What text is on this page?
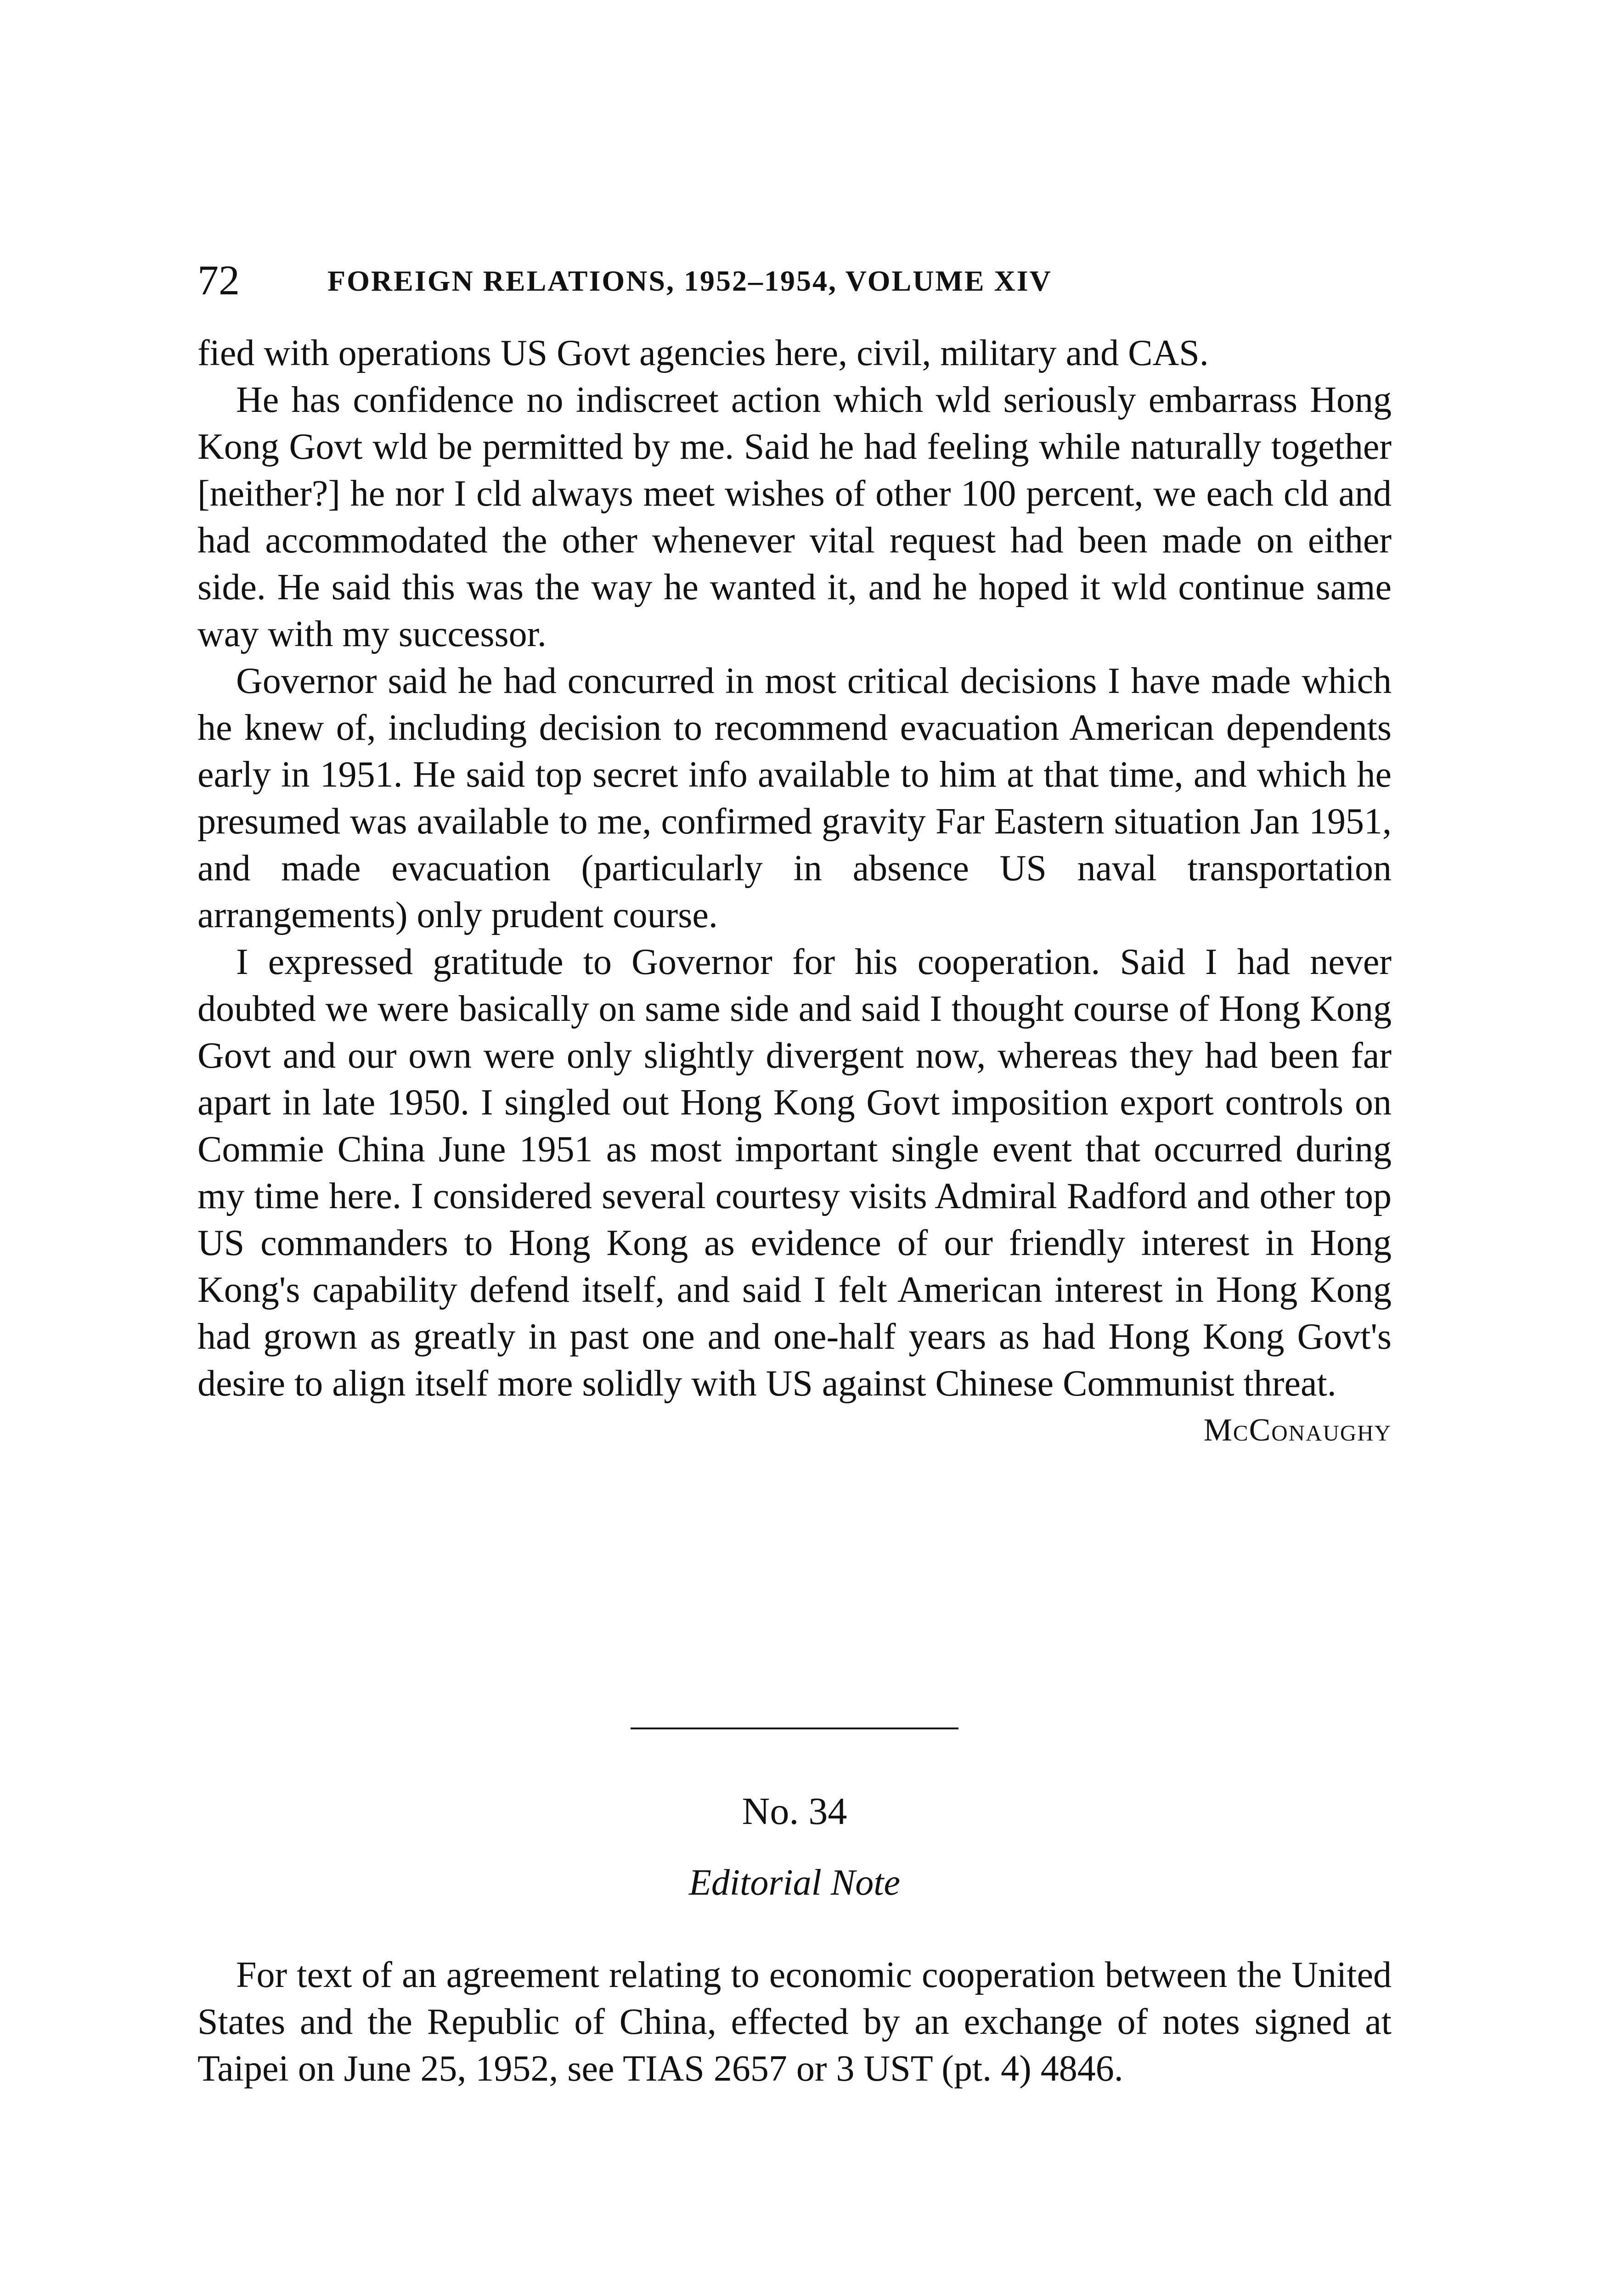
72	FOREIGN RELATIONS, 1952–1954, VOLUME XIV

fied with operations US Govt agencies here, civil, military and CAS.

He has confidence no indiscreet action which wld seriously embarrass Hong Kong Govt wld be permitted by me. Said he had feeling while naturally together [neither?] he nor I cld always meet wishes of other 100 percent, we each cld and had accommodated the other whenever vital request had been made on either side. He said this was the way he wanted it, and he hoped it wld continue same way with my successor.

Governor said he had concurred in most critical decisions I have made which he knew of, including decision to recommend evacuation American dependents early in 1951. He said top secret info available to him at that time, and which he presumed was available to me, confirmed gravity Far Eastern situation Jan 1951, and made evacuation (particularly in absence US naval transportation arrangements) only prudent course.

I expressed gratitude to Governor for his cooperation. Said I had never doubted we were basically on same side and said I thought course of Hong Kong Govt and our own were only slightly divergent now, whereas they had been far apart in late 1950. I singled out Hong Kong Govt imposition export controls on Commie China June 1951 as most important single event that occurred during my time here. I considered several courtesy visits Admiral Radford and other top US commanders to Hong Kong as evidence of our friendly interest in Hong Kong's capability defend itself, and said I felt American interest in Hong Kong had grown as greatly in past one and one-half years as had Hong Kong Govt's desire to align itself more solidly with US against Chinese Communist threat.

McConaughy
No. 34
Editorial Note

For text of an agreement relating to economic cooperation between the United States and the Republic of China, effected by an exchange of notes signed at Taipei on June 25, 1952, see TIAS 2657 or 3 UST (pt. 4) 4846.
